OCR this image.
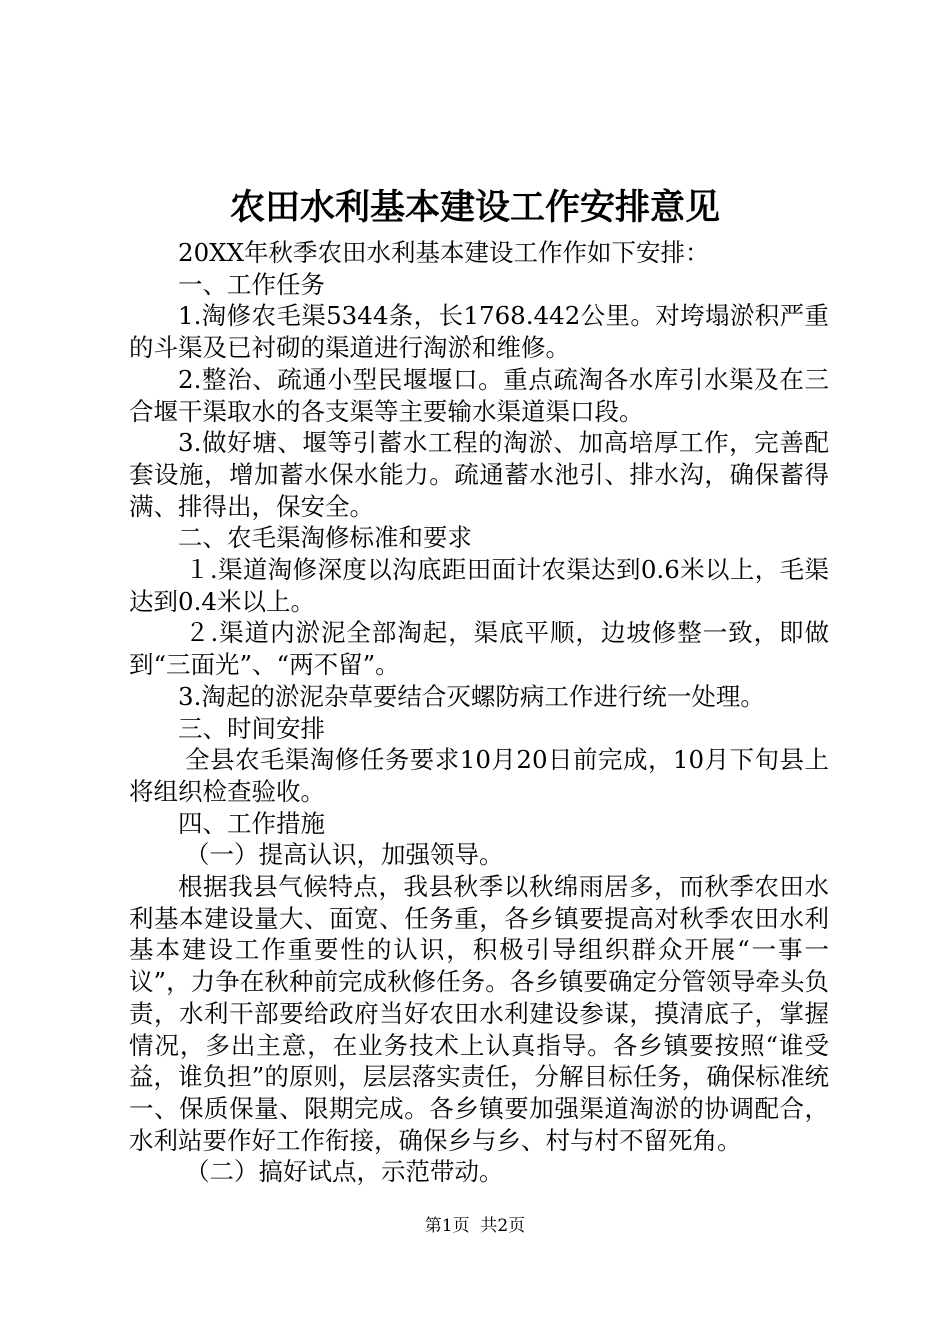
农田水利基本建设工作安排意见

20XX年秋季农田水利基本建设工作作如下安排：

一、工作任务

1.淘修农毛渠5344条，长1768.442公里。对垮塌淤积严重的斗渠及已衬砌的渠道进行淘淤和维修。

2.整治、疏通小型民堰堰口。重点疏淘各水库引水渠及在三合堰干渠取水的各支渠等主要输水渠道渠口段。

3.做好塘、堰等引蓄水工程的淘淤、加高培厚工作，完善配套设施，增加蓄水保水能力。疏通蓄水池引、排水沟，确保蓄得满、排得出，保安全。

二、农毛渠淘修标准和要求

１.渠道淘修深度以沟底距田面计农渠达到0.6米以上，毛渠达到0.4米以上。

２.渠道内淤泥全部淘起，渠底平顺，边坡修整一致，即做到“三面光”、“两不留”。

3.淘起的淤泥杂草要结合灭螺防病工作进行统一处理。

三、时间安排

全县农毛渠淘修任务要求10月20日前完成，10月下旬县上将组织检查验收。

四、工作措施

（一）提高认识，加强领导。

根据我县气候特点，我县秋季以秋绵雨居多，而秋季农田水利基本建设量大、面宽、任务重，各乡镇要提高对秋季农田水利基本建设工作重要性的认识，积极引导组织群众开展“一事一议”，力争在秋种前完成秋修任务。各乡镇要确定分管领导牵头负责，水利干部要给政府当好农田水利建设参谋，摸清底子，掌握情况，多出主意，在业务技术上认真指导。各乡镇要按照“谁受益，谁负担”的原则，层层落实责任，分解目标任务，确保标准统一、保质保量、限期完成。各乡镇要加强渠道淘淤的协调配合，水利站要作好工作衔接，确保乡与乡、村与村不留死角。

（二）搞好试点，示范带动。

第1页 共2页
